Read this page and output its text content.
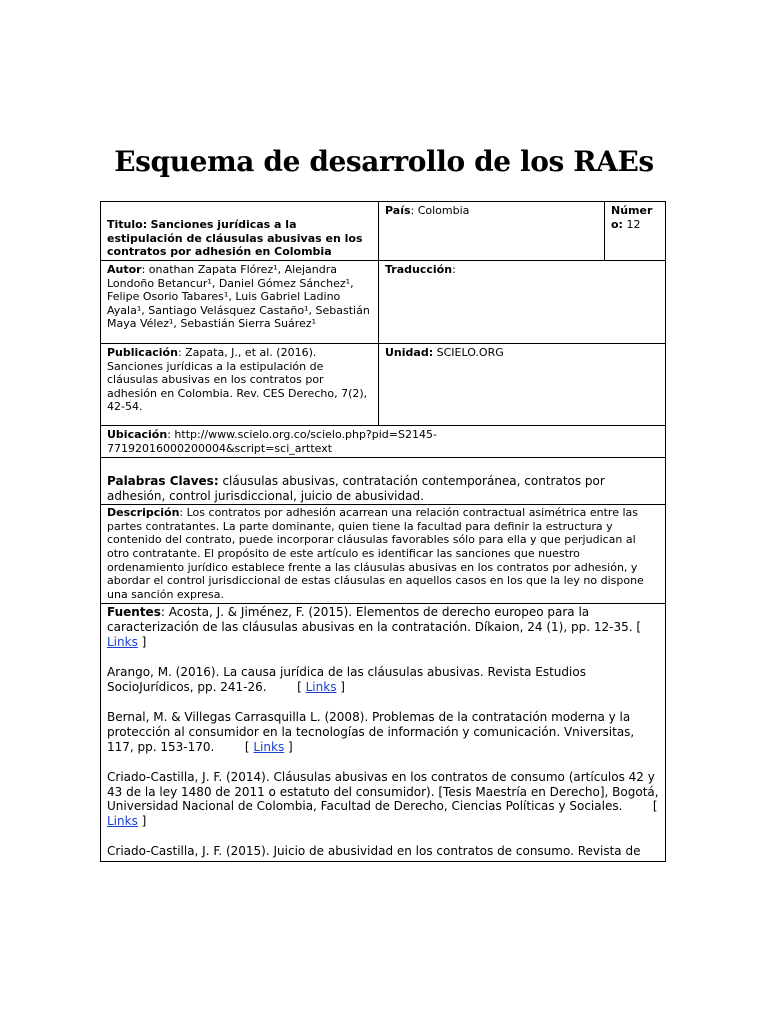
Esquema de desarrollo de los RAEs
Titulo: Sanciones jurídicas a la estipulación de cláusulas abusivas en los contratos por adhesión en Colombia	País: Colombia	Número: 12
Autor: onathan Zapata Flórez¹, Alejandra Londoño Betancur¹, Daniel Gómez Sánchez¹, Felipe Osorio Tabares¹, Luis Gabriel Ladino Ayala¹, Santiago Velásquez Castaño¹, Sebastián Maya Vélez¹, Sebastián Sierra Suárez¹	Traducción:	
Publicación: Zapata, J., et al. (2016). Sanciones jurídicas a la estipulación de cláusulas abusivas en los contratos por adhesión en Colombia. Rev. CES Derecho, 7(2), 42-54.	Unidad: SCIELO.ORG	
Ubicación: http://www.scielo.org.co/scielo.php?pid=S2145-77192016000200004&script=sci_arttext		
Palabras Claves: cláusulas abusivas, contratación contemporánea, contratos por adhesión, control jurisdiccional, juicio de abusividad.		
Descripción: Los contratos por adhesión acarrean una relación contractual asimétrica entre las partes contratantes. La parte dominante, quien tiene la facultad para definir la estructura y contenido del contrato, puede incorporar cláusulas favorables sólo para ella y que perjudican al otro contratante. El propósito de este artículo es identificar las sanciones que nuestro ordenamiento jurídico establece frente a las cláusulas abusivas en los contratos por adhesión, y abordar el control jurisdiccional de estas cláusulas en aquellos casos en los que la ley no dispone una sanción expresa.		

Fuentes: Acosta, J. & Jiménez, F. (2015). Elementos de derecho europeo para la caracterización de las cláusulas abusivas en la contratación. Díkaion, 24 (1), pp. 12-35. [ Links ]

Arango, M. (2016). La causa jurídica de las cláusulas abusivas. Revista Estudios SocioJurídicos, pp. 241-26.        [ Links ]

Bernal, M. & Villegas Carrasquilla L. (2008). Problemas de la contratación moderna y la protección al consumidor en la tecnologías de información y comunicación. Vniversitas, 117, pp. 153-170.        [ Links ]

Criado-Castilla, J. F. (2014). Cláusulas abusivas en los contratos de consumo (artículos 42 y 43 de la ley 1480 de 2011 o estatuto del consumidor). [Tesis Maestría en Derecho], Bogotá, Universidad Nacional de Colombia, Facultad de Derecho, Ciencias Políticas y Sociales.        [ Links ]

Criado-Castilla, J. F. (2015). Juicio de abusividad en los contratos de consumo. Revista de		
